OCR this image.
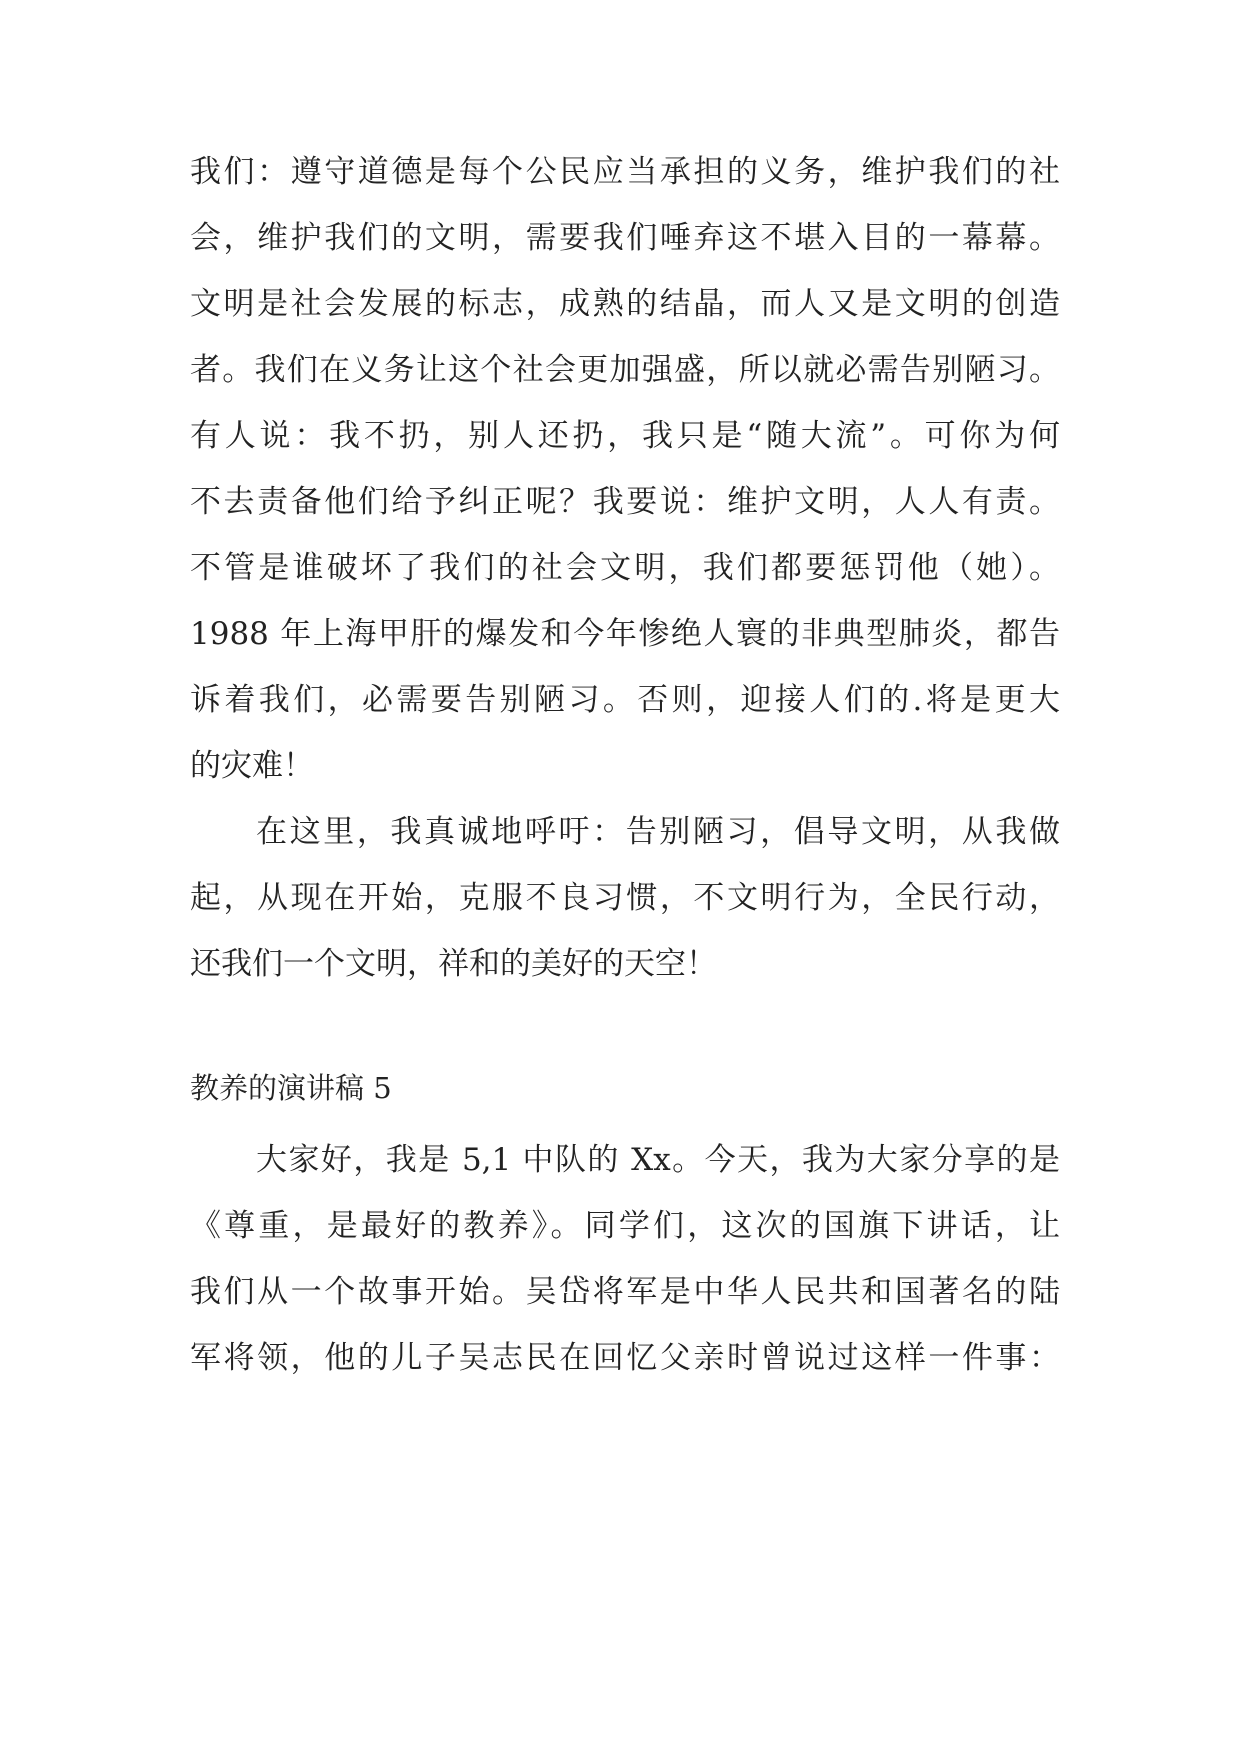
我们：遵守道德是每个公民应当承担的义务，维护我们的社
会，维护我们的文明，需要我们唾弃这不堪入目的一幕幕。
文明是社会发展的标志，成熟的结晶，而人又是文明的创造
者。我们在义务让这个社会更加强盛，所以就必需告别陋习。
有人说：我不扔，别人还扔，我只是“随大流”。可你为何
不去责备他们给予纠正呢？我要说：维护文明，人人有责。
不管是谁破坏了我们的社会文明，我们都要惩罚他（她）。
1988 年上海甲肝的爆发和今年惨绝人寰的非典型肺炎，都告
诉着我们，必需要告别陋习。否则，迎接人们的.将是更大
的灾难！
在这里，我真诚地呼吁：告别陋习，倡导文明，从我做
起，从现在开始，克服不良习惯，不文明行为，全民行动，
还我们一个文明，祥和的美好的天空！
教养的演讲稿 5
大家好，我是 5,1 中队的 Xx。今天，我为大家分享的是
《尊重，是最好的教养》。同学们，这次的国旗下讲话，让
我们从一个故事开始。吴岱将军是中华人民共和国著名的陆
军将领，他的儿子吴志民在回忆父亲时曾说过这样一件事：
